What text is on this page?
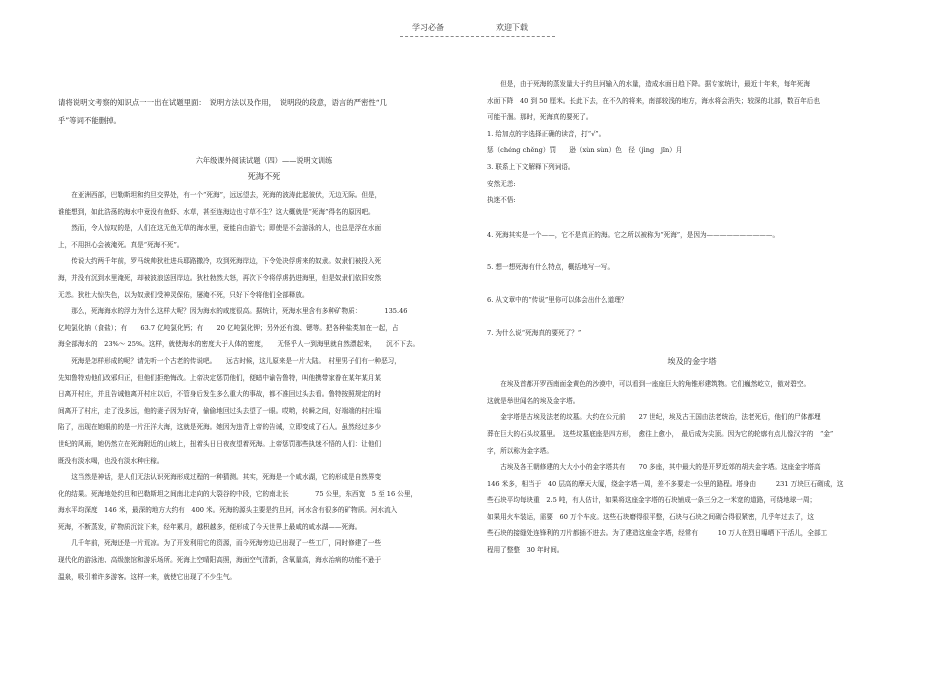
学习必备	欢迎下载

请将说明文考察的知识点一一出在试题里面：　说明方法以及作用，　说明段的段意，语言的严密性“几

乎”等词不能删掉。

六年级课外阅读试题（四）——说明文训练

死海不死

在亚洲西部，巴勒斯坦和约旦交界处，有一个“死海”，远远望去，死海的波涛此起彼伏，无边无际。但是，

谁能想到，如此浩荡的海水中竟没有鱼虾、水草，甚至连海边也寸草不生？这大概就是“死海”得名的原因吧。

然而，令人惊叹的是，人们在这无鱼无草的海水里，竟能自由游弋；即使是不会游泳的人，也总是浮在水面

上，不用担心会被淹死。真是“死海不死”。

传说大约两千年前，罗马统帅狄杜进兵耶路撒冷，攻到死海岸边，下令处决俘虏来的奴隶。奴隶们被投入死

海，并没有沉到水里淹死，却被波浪送回岸边。狄杜勃然大怒，再次下令将俘虏扔进海里，但是奴隶们依旧安然

无恙。狄杜大惊失色，以为奴隶们受神灵保佑，屡淹不死，只好下令将他们全部释放。

那么，死海海水的浮力为什么这样大呢？因为海水的咸度很高。据统计，死海水里含有多种矿物质：　　　　135.46

亿吨氯化钠（食盐）；有　　63.7 亿吨氯化钙；有　　20 亿吨氯化钾；另外还有溴、锶等。把各种盐类加在一起，占

海全部海水的　23%～ 25%。这样，就使海水的密度大于人体的密度，　　无怪乎人一到海里就自然漂起来，　　沉不下去。

死海是怎样形成的呢？请先听一个古老的传说吧。　　远古时候，这儿原来是一片大陆。　村里男子们有一种恶习，

先知鲁特劝他们改邪归正，但他们拒绝悔改。上帝决定惩罚他们，便暗中谕告鲁特，叫他携带家眷在某年某月某

日离开村庄，并且告诫他离开村庄以后，不管身后发生多么重大的事故，都不准回过头去看。鲁特按照规定的时

间离开了村庄，走了没多远，他的妻子因为好奇，偷偷地回过头去望了一眼。哎哟，转瞬之间，好端端的村庄塌

陷了，出现在她眼前的是一片汪洋大海，这就是死海。她因为违背上帝的告诫，立即变成了石人。虽然经过多少

世纪的风雨，她仍然立在死海附近的山坡上，扭着头日日夜夜望着死海。上帝惩罚那些执迷不悟的人们：让他们

既没有淡水喝，也没有淡水种庄稼。

这当然是神话，是人们无法认识死海形成过程的一种猜测。其实，死海是一个咸水湖，它的形成是自然界变

化的结果。死海地处约旦和巴勒斯坦之间南北走向的大裂谷的中段，它的南北长　　　　75 公里，东西宽　5 至 16 公里，

海水平均深度　146 米，最深的地方大约有　400 米。死海的源头主要是约旦河，河水含有很多的矿物质。河水流入

死海，不断蒸发，矿物质沉淀下来，经年累月，越积越多，便形成了今天世界上最咸的咸水湖——死海。

几千年前，死海还是一片荒凉。为了开发利用它的资源，而今死海旁边已出现了一些工厂，同时修建了一些

现代化的游泳池、高级旅馆和游乐场所。死海上空晴阳高照，海面空气清新，含氧量高，海水治病的功能不逊于

温泉，吸引着许多游客。这样一来，就使它出现了不少生气。

但是，由于死海的蒸发量大于约旦河输入的水量，造成水面日趋下降。据专家统计，最近十年来，每年死海

水面下降　40 到 50 厘米。长此下去，在不久的将来，南部较浅的地方，海水将会消失；较深的北部，数百年后也

可能干涸。那时，死海真的要死了。

1. 给加点的字选择正确的读音，打“√”。

惩（chéng chěng）罚　　逊（xùn sùn）色　径（jìng　jīn）月

3. 联系上下文解释下列词语。

安然无恙:

执迷不悟:

4. 死海其实是一个——，它不是真正的海。它之所以被称为“死海”，是因为——————————。

5. 想一想死海有什么特点，概括地写一写。

6. 从文章中的“传说”里你可以体会出什么道理？

7. 为什么说“死海真的要死了？”

埃及的金字塔

在埃及首都开罗西南面金黄色的沙漠中，可以看到一座座巨大的角锥形建筑物。它们巍然屹立，傲对碧空。

这就是举世闻名的埃及金字塔。

金字塔是古埃及法老的坟墓。大约在公元前　　27 世纪，埃及古王国由法老统治，法老死后，他们的尸体都埋

葬在巨大的石头坟墓里。　这些坟墓底座是四方形，　愈往上愈小，　最后成为尖顶。因为它的轮廓有点儿像汉字的　“金”

字，所以称为金字塔。

古埃及各王朝修建的大大小小的金字塔共有　　70 多座，其中最大的是开罗近郊的胡夫金字塔。这座金字塔高

146 米多，相当于　40 层高的摩天大厦，绕金字塔一周，差不多要走一公里的路程。塔身由　　　231 万块巨石砌成，这

些石块平均每块重　2.5 吨，有人估计，如果将这座金字塔的石块铺成一条三分之一米宽的道路，可绕地球一周；

如果用火车装运，需要　60 万个车皮。这些石块磨得很平整，石块与石块之间砌合得很紧密，几乎年过去了，这

些石块的接缝处连锋利的刀片都插不进去。为了建造这座金字塔，经常有　　　10 万人在烈日曝晒下干活儿，全部工

程用了整整　30 年时间。
